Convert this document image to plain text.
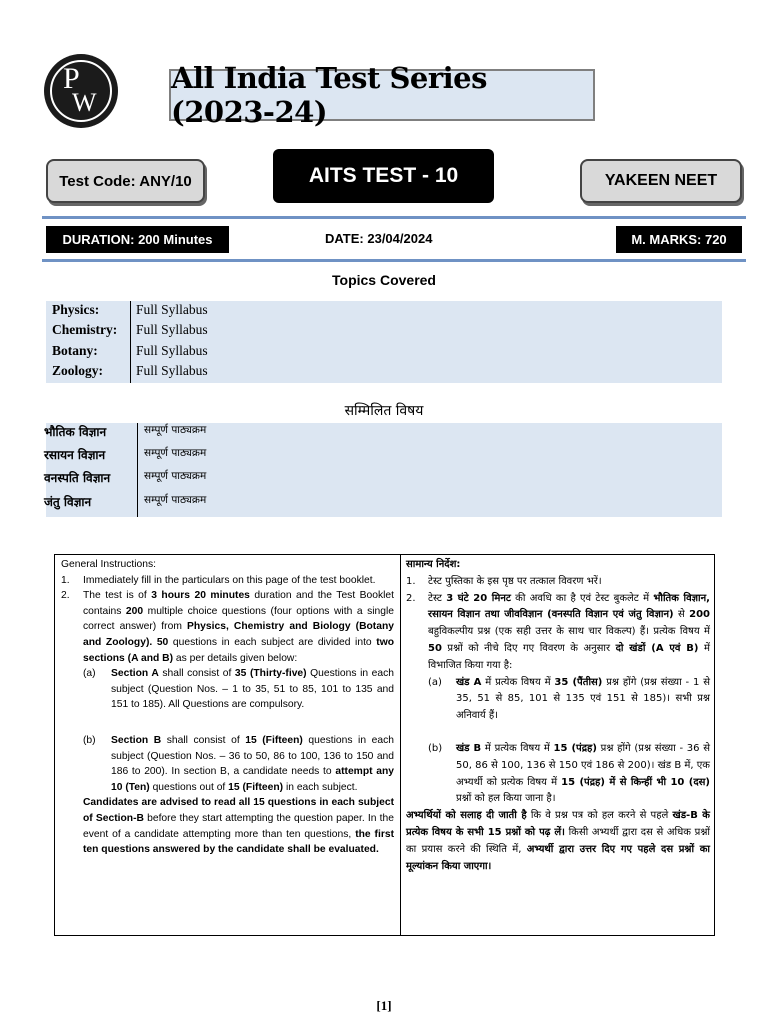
P
W
All India Test Series (2023-24)
Test Code: ANY/10	AITS TEST - 10	YAKEEN NEET
DURATION: 200 Minutes	DATE: 23/04/2024	M. MARKS: 720
Topics Covered
Physics:	Full Syllabus
Chemistry:	Full Syllabus
Botany:	Full Syllabus
Zoology:	Full Syllabus
सम्मिलित विषय
भौतिक विज्ञान	सम्पूर्ण पाठ्यक्रम
रसायन विज्ञान	सम्पूर्ण पाठ्यक्रम
वनस्पति विज्ञान	सम्पूर्ण पाठ्यक्रम
जंतु विज्ञान	सम्पूर्ण पाठ्यक्रम

General Instructions:

1.	Immediately fill in the particulars on this page of the test booklet.
2.	The test is of 3 hours 20 minutes duration and the Test Booklet contains 200 multiple choice questions (four options with a single correct answer) from Physics, Chemistry and Biology (Botany and Zoology). 50 questions in each subject are divided into two sections (A and B) as per details given below:
(a)	Section A shall consist of 35 (Thirty-five) Questions in each subject (Question Nos. – 1 to 35, 51 to 85, 101 to 135 and 151 to 185). All Questions are compulsory.
(b)	Section B shall consist of 15 (Fifteen) questions in each subject (Question Nos. – 36 to 50, 86 to 100, 136 to 150 and 186 to 200). In section B, a candidate needs to attempt any 10 (Ten) questions out of 15 (Fifteen) in each subject.
Candidates are advised to read all 15 questions in each subject of Section-B before they start attempting the question paper. In the event of a candidate attempting more than ten questions, the first ten questions answered by the candidate shall be evaluated.

सामान्य निर्देश:

1.	टेस्ट पुस्तिका के इस पृष्ठ पर तत्काल विवरण भरें।
2.	टेस्ट 3 घंटे 20 मिनट की अवधि का है एवं टेस्ट बुकलेट में भौतिक विज्ञान, रसायन विज्ञान तथा जीवविज्ञान (वनस्पति विज्ञान एवं जंतु विज्ञान) से 200 बहुविकल्पीय प्रश्न (एक सही उत्तर के साथ चार विकल्प) हैं। प्रत्येक विषय में 50 प्रश्नों को नीचे दिए गए विवरण के अनुसार दो खंडों (A एवं B) में विभाजित किया गया है:
(a)	खंड A में प्रत्येक विषय में 35 (पैंतीस) प्रश्न होंगे (प्रश्न संख्या - 1 से 35, 51 से 85, 101 से 135 एवं 151 से 185)। सभी प्रश्न अनिवार्य हैं।
(b)	खंड B में प्रत्येक विषय में 15 (पंद्रह) प्रश्न होंगे (प्रश्न संख्या - 36 से 50, 86 से 100, 136 से 150 एवं 186 से 200)। खंड B में, एक अभ्यर्थी को प्रत्येक विषय में 15 (पंद्रह) में से किन्हीं भी 10 (दस) प्रश्नों को हल किया जाना है।

अभ्यर्थियों को सलाह दी जाती है कि वे प्रश्न पत्र को हल करने से पहले खंड-B के प्रत्येक विषय के सभी 15 प्रश्नों को पढ़ लें। किसी अभ्यर्थी द्वारा दस से अधिक प्रश्नों का प्रयास करने की स्थिति में, अभ्यर्थी द्वारा उत्तर दिए गए पहले दस प्रश्नों का मूल्यांकन किया जाएगा।

[1]
